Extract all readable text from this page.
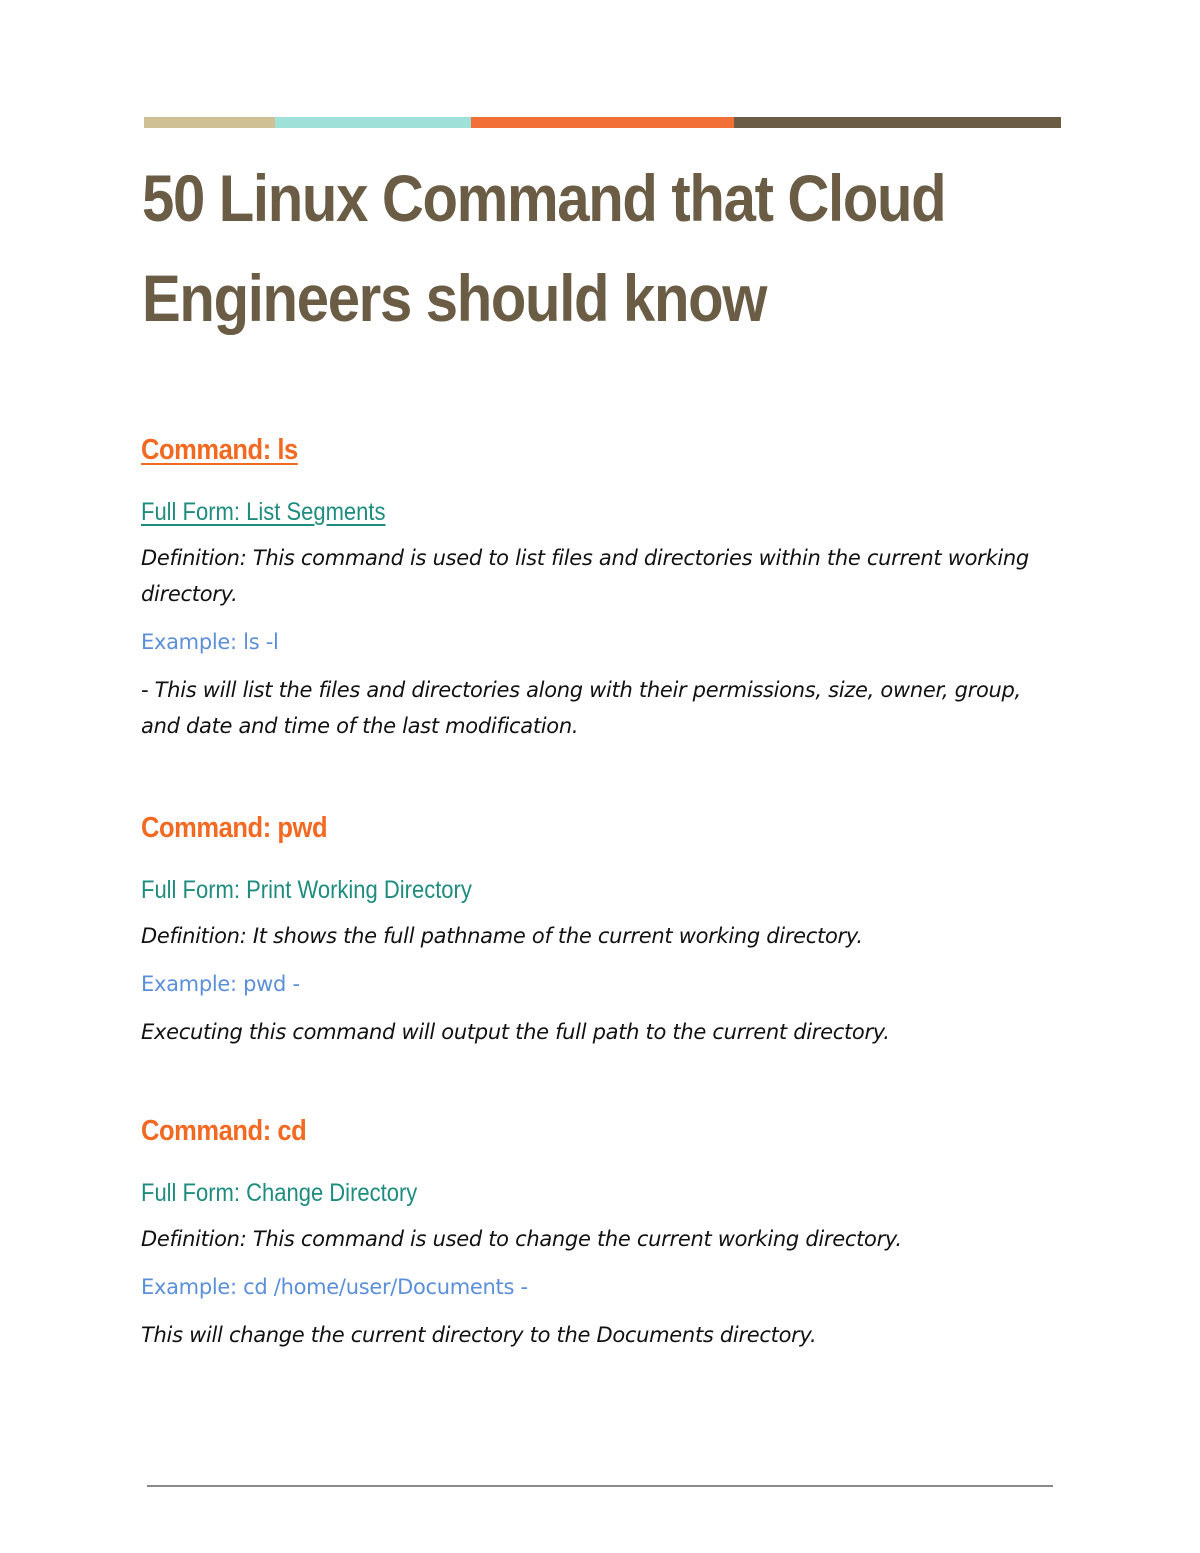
50 Linux Command that Cloud
Engineers should know

Command: ls

Full Form: List Segments

Definition: This command is used to list files and directories within the current working directory.

Example: ls -l

- This will list the files and directories along with their permissions, size, owner, group, and date and time of the last modification.

Command: pwd

Full Form: Print Working Directory

Definition: It shows the full pathname of the current working directory.

Example: pwd -

Executing this command will output the full path to the current directory.

Command: cd

Full Form: Change Directory

Definition: This command is used to change the current working directory.

Example: cd /home/user/Documents -

This will change the current directory to the Documents directory.
